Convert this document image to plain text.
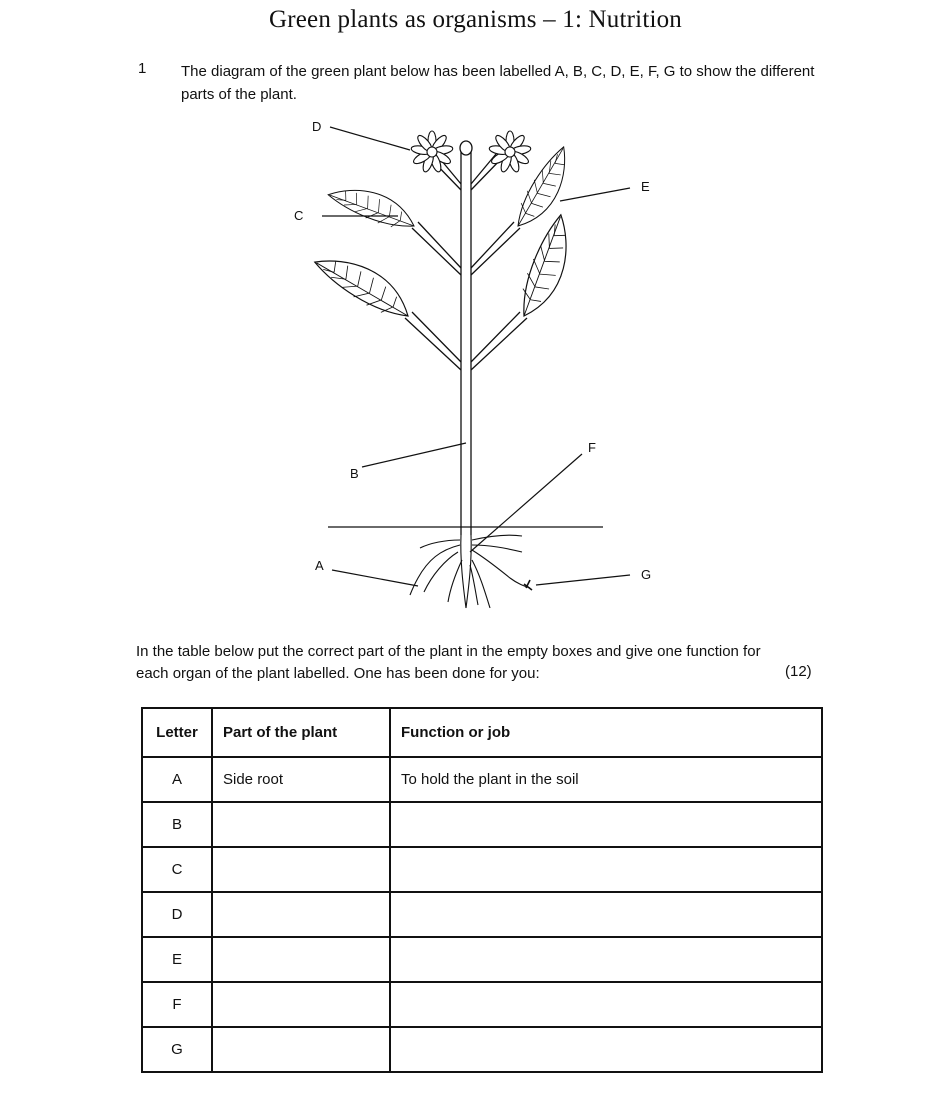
Green plants as organisms – 1: Nutrition
1 The diagram of the green plant below has been labelled A, B, C, D, E, F, G to show the different parts of the plant.
D
C
E
B
F
A
G
In the table below put the correct part of the plant in the empty boxes and give one function for each organ of the plant labelled. One has been done for you:	(12)
Letter	Part of the plant	Function or job
A	Side root	To hold the plant in the soil
B		
C		
D		
E		
F		
G		
